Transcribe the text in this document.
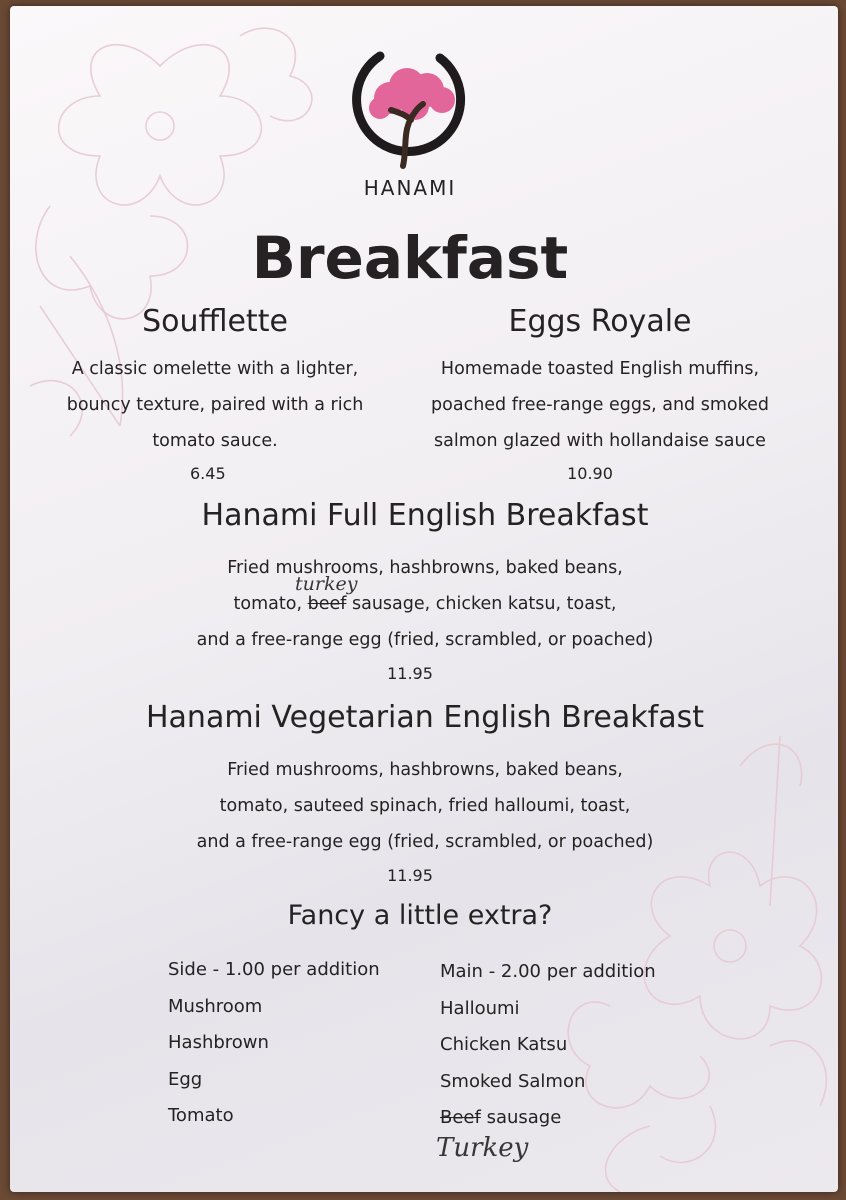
HANAMI
Breakfast
Soufflette
A classic omelette with a lighter,
bouncy texture, paired with a rich
tomato sauce.
6.45
Eggs Royale
Homemade toasted English muffins,
poached free-range eggs, and smoked
salmon glazed with hollandaise sauce
10.90
Hanami Full English Breakfast
Fried mushrooms, hashbrowns, baked beans,
tomato, beef sausage, chicken katsu, toast,
turkey
and a free-range egg (fried, scrambled, or poached)
11.95
Hanami Vegetarian English Breakfast
Fried mushrooms, hashbrowns, baked beans,
tomato, sauteed spinach, fried halloumi, toast,
and a free-range egg (fried, scrambled, or poached)
11.95
Fancy a little extra?
Side - 1.00 per addition
Mushroom
Hashbrown
Egg
Tomato
Main - 2.00 per addition
Halloumi
Chicken Katsu
Smoked Salmon
Beef sausage
Turkey
